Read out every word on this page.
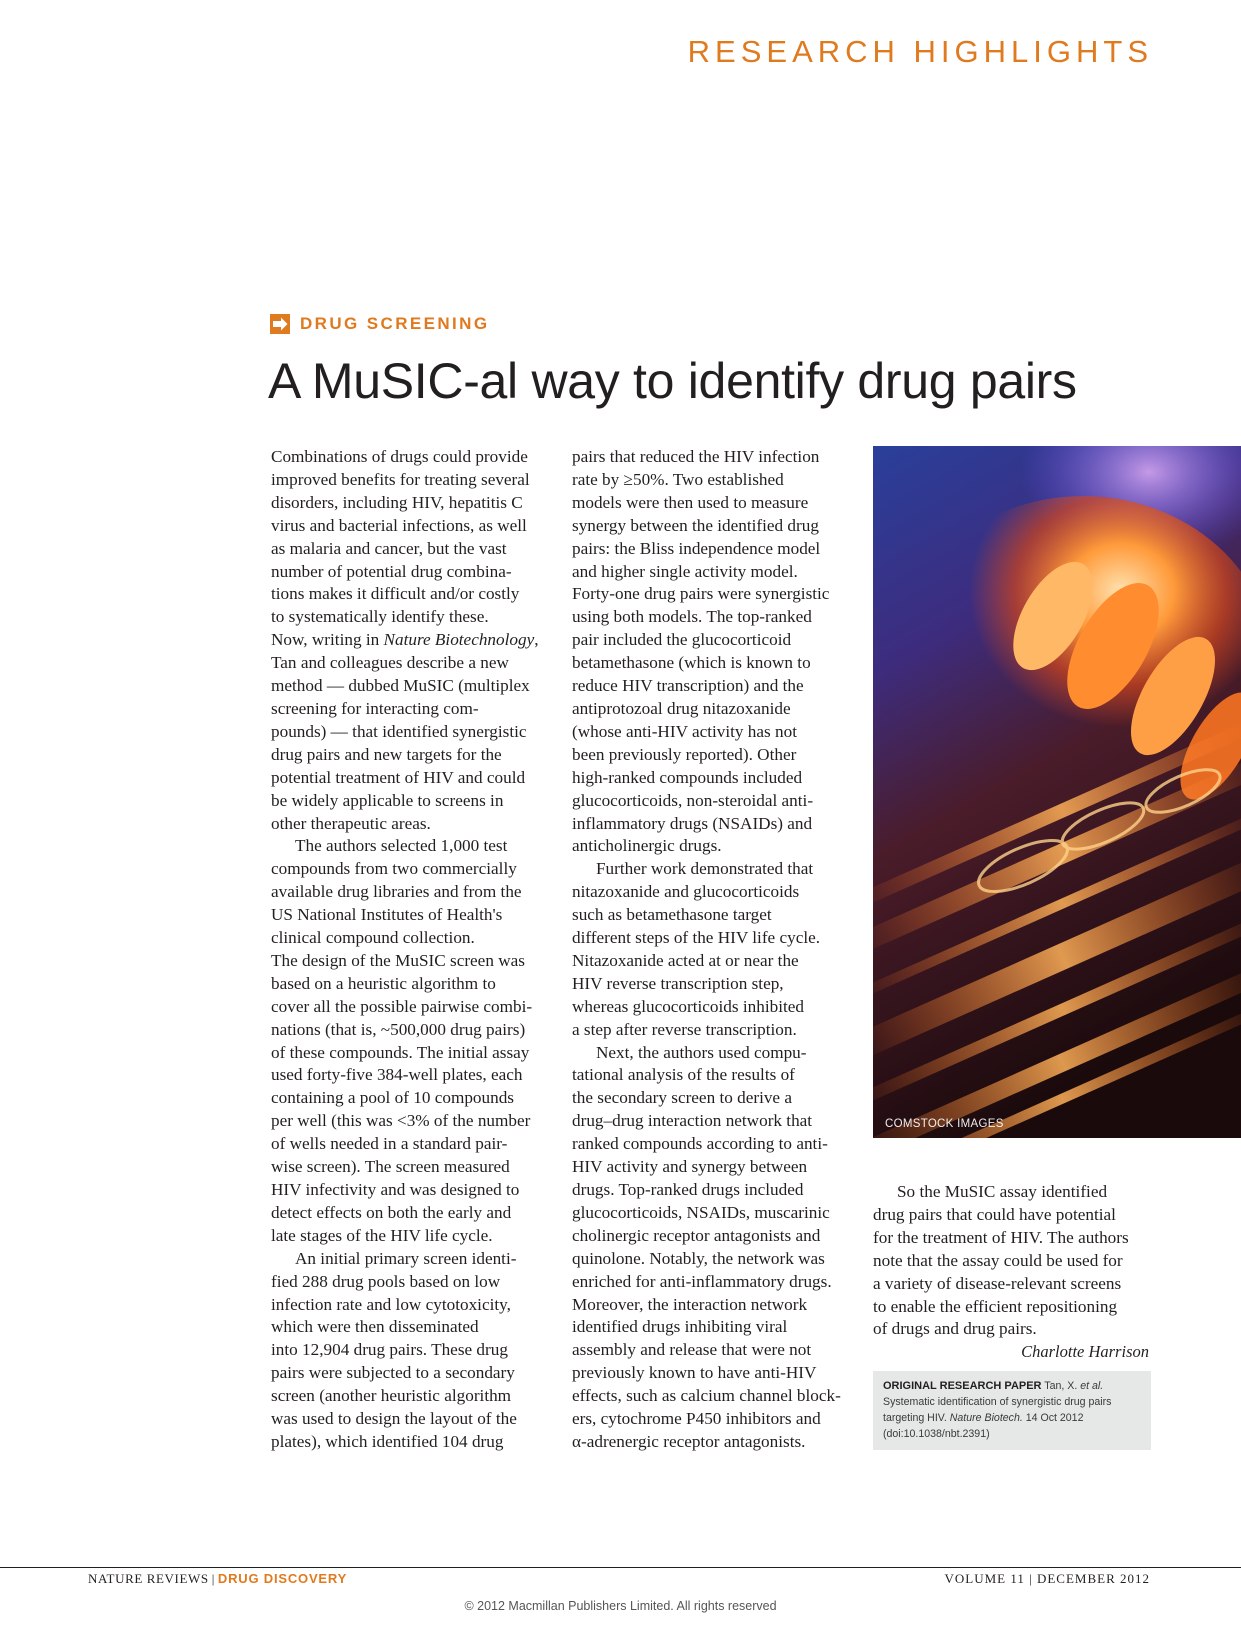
RESEARCH HIGHLIGHTS
DRUG SCREENING
A MuSIC-al way to identify drug pairs
Combinations of drugs could provide
improved benefits for treating several
disorders, including HIV, hepatitis C
virus and bacterial infections, as well
as malaria and cancer, but the vast
number of potential drug combina-
tions makes it difficult and/or costly
to systematically identify these.
Now, writing in Nature Biotechnology,
Tan and colleagues describe a new
method — dubbed MuSIC (multiplex
screening for interacting com-
pounds) — that identified synergistic
drug pairs and new targets for the
potential treatment of HIV and could
be widely applicable to screens in
other therapeutic areas.
The authors selected 1,000 test
compounds from two commercially
available drug libraries and from the
US National Institutes of Health's
clinical compound collection.
The design of the MuSIC screen was
based on a heuristic algorithm to
cover all the possible pairwise combi-
nations (that is, ~500,000 drug pairs)
of these compounds. The initial assay
used forty-five 384-well plates, each
containing a pool of 10 compounds
per well (this was <3% of the number
of wells needed in a standard pair-
wise screen). The screen measured
HIV infectivity and was designed to
detect effects on both the early and
late stages of the HIV life cycle.
An initial primary screen identi-
fied 288 drug pools based on low
infection rate and low cytotoxicity,
which were then disseminated
into 12,904 drug pairs. These drug
pairs were subjected to a secondary
screen (another heuristic algorithm
was used to design the layout of the
plates), which identified 104 drug
pairs that reduced the HIV infection
rate by ≥50%. Two established
models were then used to measure
synergy between the identified drug
pairs: the Bliss independence model
and higher single activity model.
Forty-one drug pairs were synergistic
using both models. The top-ranked
pair included the glucocorticoid
betamethasone (which is known to
reduce HIV transcription) and the
antiprotozoal drug nitazoxanide
(whose anti-HIV activity has not
been previously reported). Other
high-ranked compounds included
glucocorticoids, non-steroidal anti-
inflammatory drugs (NSAIDs) and
anticholinergic drugs.
Further work demonstrated that
nitazoxanide and glucocorticoids
such as betamethasone target
different steps of the HIV life cycle.
Nitazoxanide acted at or near the
HIV reverse transcription step,
whereas glucocorticoids inhibited
a step after reverse transcription.
Next, the authors used compu-
tational analysis of the results of
the secondary screen to derive a
drug–drug interaction network that
ranked compounds according to anti-
HIV activity and synergy between
drugs. Top-ranked drugs included
glucocorticoids, NSAIDs, muscarinic
cholinergic receptor antagonists and
quinolone. Notably, the network was
enriched for anti-inflammatory drugs.
Moreover, the interaction network
identified drugs inhibiting viral
assembly and release that were not
previously known to have anti-HIV
effects, such as calcium channel block-
ers, cytochrome P450 inhibitors and
α-adrenergic receptor antagonists.
COMSTOCK IMAGES
So the MuSIC assay identified
drug pairs that could have potential
for the treatment of HIV. The authors
note that the assay could be used for
a variety of disease-relevant screens
to enable the efficient repositioning
of drugs and drug pairs.
Charlotte Harrison
ORIGINAL RESEARCH PAPER Tan, X. et al.
Systematic identification of synergistic drug pairs
targeting HIV. Nature Biotech. 14 Oct 2012
(doi:10.1038/nbt.2391)
NATURE REVIEWS | DRUG DISCOVERY	VOLUME 11 | DECEMBER 2012
© 2012 Macmillan Publishers Limited. All rights reserved
